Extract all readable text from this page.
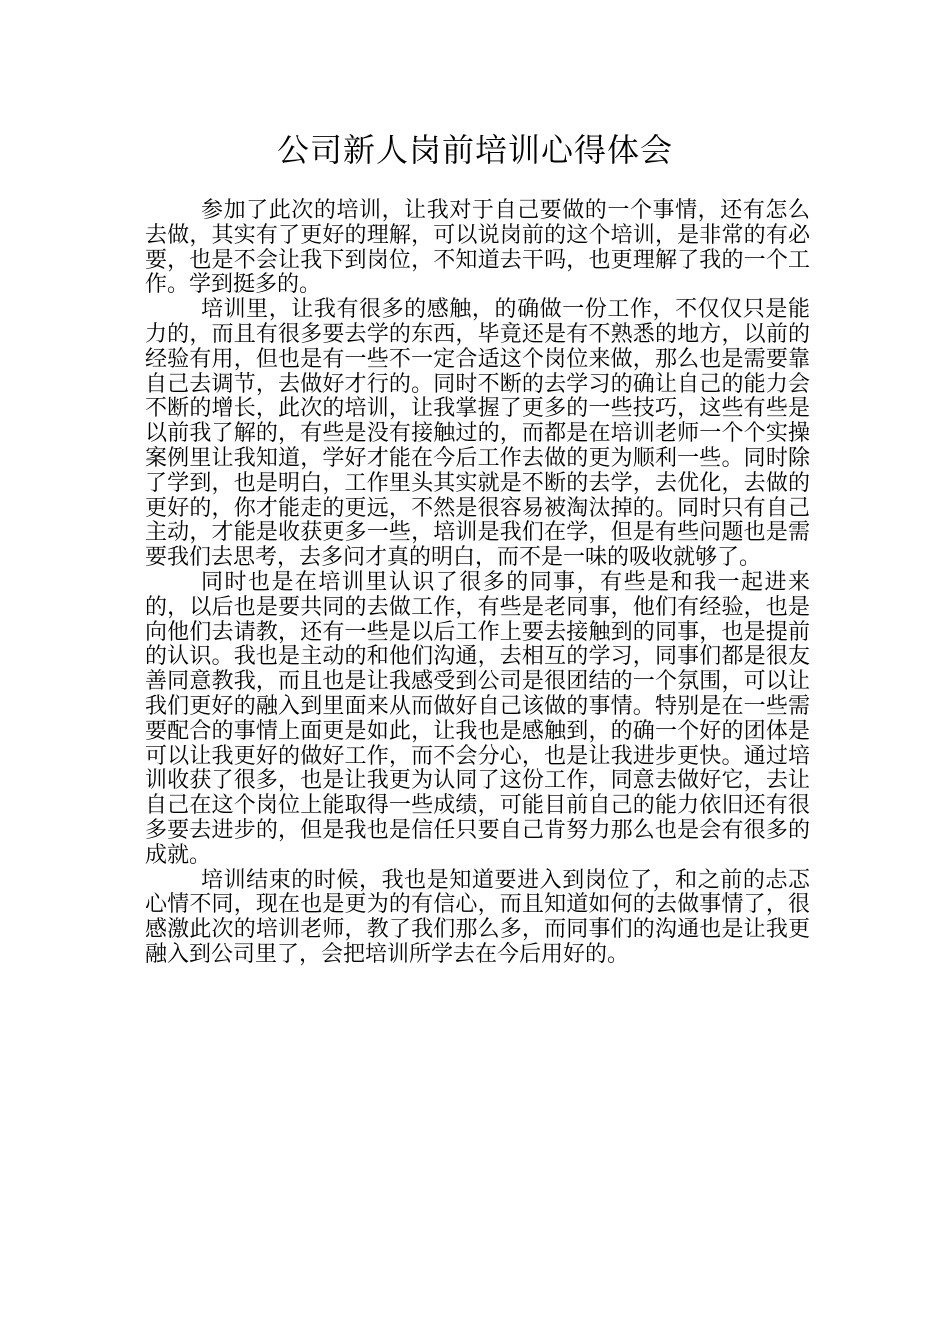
公司新人岗前培训心得体会

参加了此次的培训，让我对于自己要做的一个事情，还有怎么去做，其实有了更好的理解，可以说岗前的这个培训，是非常的有必要，也是不会让我下到岗位，不知道去干吗，也更理解了我的一个工作。学到挺多的。

培训里，让我有很多的感触，的确做一份工作，不仅仅只是能力的，而且有很多要去学的东西，毕竟还是有不熟悉的地方，以前的经验有用，但也是有一些不一定合适这个岗位来做，那么也是需要靠自己去调节，去做好才行的。同时不断的去学习的确让自己的能力会不断的增长，此次的培训，让我掌握了更多的一些技巧，这些有些是以前我了解的，有些是没有接触过的，而都是在培训老师一个个实操案例里让我知道，学好才能在今后工作去做的更为顺利一些。同时除了学到，也是明白，工作里头其实就是不断的去学，去优化，去做的更好的，你才能走的更远，不然是很容易被淘汰掉的。同时只有自己主动，才能是收获更多一些，培训是我们在学，但是有些问题也是需要我们去思考，去多问才真的明白，而不是一味的吸收就够了。

同时也是在培训里认识了很多的同事，有些是和我一起进来的，以后也是要共同的去做工作，有些是老同事，他们有经验，也是向他们去请教，还有一些是以后工作上要去接触到的同事，也是提前的认识。我也是主动的和他们沟通，去相互的学习，同事们都是很友善同意教我，而且也是让我感受到公司是很团结的一个氛围，可以让我们更好的融入到里面来从而做好自己该做的事情。特别是在一些需要配合的事情上面更是如此，让我也是感触到，的确一个好的团体是可以让我更好的做好工作，而不会分心，也是让我进步更快。通过培训收获了很多，也是让我更为认同了这份工作，同意去做好它，去让自己在这个岗位上能取得一些成绩，可能目前自己的能力依旧还有很多要去进步的，但是我也是信任只要自己肯努力那么也是会有很多的成就。

培训结束的时候，我也是知道要进入到岗位了，和之前的忐忑心情不同，现在也是更为的有信心，而且知道如何的去做事情了，很感激此次的培训老师，教了我们那么多，而同事们的沟通也是让我更融入到公司里了，会把培训所学去在今后用好的。
